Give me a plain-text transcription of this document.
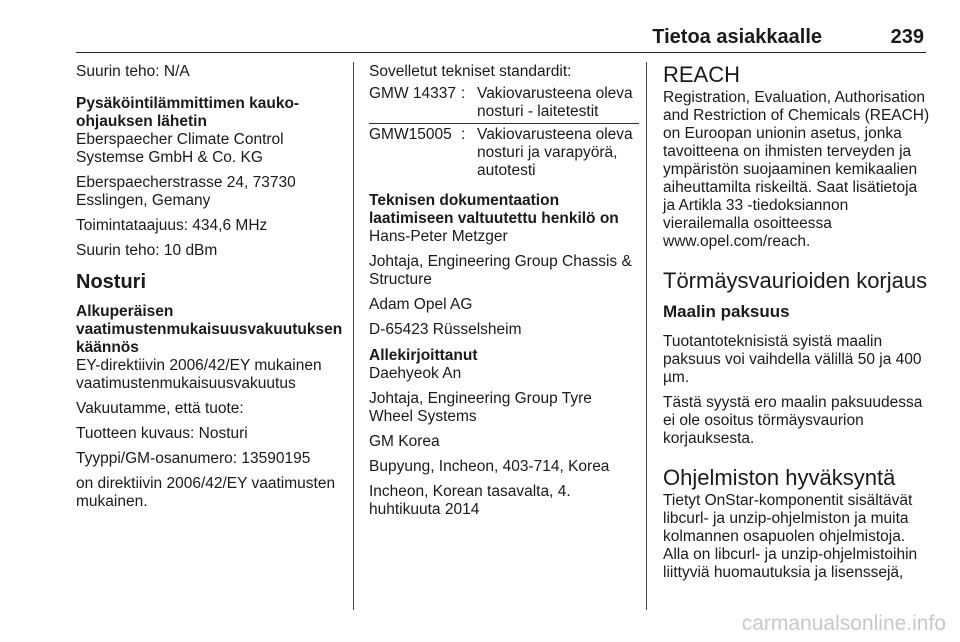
Tietoa asiakkaalle	239

Suurin teho: N/A

Pysäköintilämmittimen kauko-ohjauksen lähetin

Eberspaecher Climate Control
Systemse GmbH & Co. KG

Eberspaecherstrasse 24, 73730
Esslingen, Gemany

Toimintataajuus: 434,6 MHz

Suurin teho: 10 dBm

Nosturi

Alkuperäisen vaatimustenmukaisuusvakuutuksen käännös

EY-direktiivin 2006/42/EY mukainen vaatimustenmukaisuusvakuutus

Vakuutamme, että tuote:

Tuotteen kuvaus: Nosturi

Tyyppi/GM-osanumero: 13590195

on direktiivin 2006/42/EY vaatimusten mukainen.

Sovelletut tekniset standardit:

GMW 14337 : Vakiovarusteena oleva nosturi - laitetestit
GMW15005 : Vakiovarusteena oleva nosturi ja varapyörä, autotesti

Teknisen dokumentaation laatimiseen valtuutettu henkilö on

Hans-Peter Metzger

Johtaja, Engineering Group Chassis & Structure

Adam Opel AG

D-65423 Rüsselsheim

Allekirjoittanut

Daehyeok An

Johtaja, Engineering Group Tyre Wheel Systems

GM Korea

Bupyung, Incheon, 403-714, Korea

Incheon, Korean tasavalta, 4. huhtikuuta 2014

REACH

Registration, Evaluation, Authorisation and Restriction of Chemicals (REACH) on Euroopan unionin asetus, jonka tavoitteena on ihmisten terveyden ja ympäristön suojaaminen kemikaalien aiheuttamilta riskeiltä. Saat lisätietoja ja Artikla 33 -tiedoksiannon vierailemalla osoitteessa www.opel.com/reach.

Törmäysvaurioiden korjaus

Maalin paksuus

Tuotantoteknisistä syistä maalin paksuus voi vaihdella välillä 50 ja 400 µm.

Tästä syystä ero maalin paksuudessa ei ole osoitus törmäysvaurion korjauksesta.

Ohjelmiston hyväksyntä

Tietyt OnStar-komponentit sisältävät libcurl- ja unzip-ohjelmiston ja muita kolmannen osapuolen ohjelmistoja. Alla on libcurl- ja unzip-ohjelmistoihin liittyviä huomautuksia ja lisenssejä,

carmanualsonline.info
